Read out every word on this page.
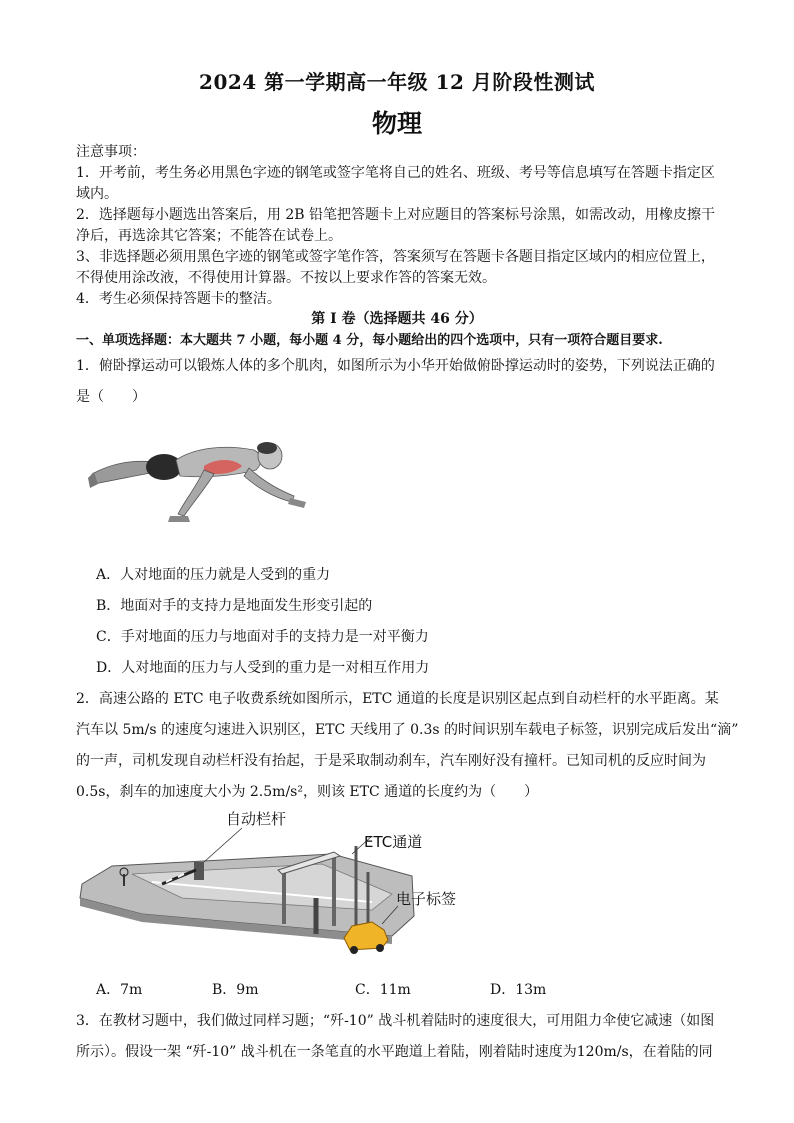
2024 第一学期高一年级 12 月阶段性测试
物理
注意事项：
1．开考前，考生务必用黑色字迹的钢笔或签字笔将自己的姓名、班级、考号等信息填写在答题卡指定区
域内。
2．选择题每小题选出答案后，用 2B 铅笔把答题卡上对应题目的答案标号涂黑，如需改动，用橡皮擦干
净后，再选涂其它答案；不能答在试卷上。
3、非选择题必须用黑色字迹的钢笔或签字笔作答，答案须写在答题卡各题目指定区域内的相应位置上，
不得使用涂改液，不得使用计算器。不按以上要求作答的答案无效。
4．考生必须保持答题卡的整洁。
第 I 卷（选择题共 46 分）
一、单项选择题：本大题共 7 小题，每小题 4 分，每小题给出的四个选项中，只有一项符合题目要求.
1．俯卧撑运动可以锻炼人体的多个肌肉，如图所示为小华开始做俯卧撑运动时的姿势，下列说法正确的
是（　　）
A．人对地面的压力就是人受到的重力
B．地面对手的支持力是地面发生形变引起的
C．手对地面的压力与地面对手的支持力是一对平衡力
D．人对地面的压力与人受到的重力是一对相互作用力
2．高速公路的 ETC 电子收费系统如图所示，ETC 通道的长度是识别区起点到自动栏杆的水平距离。某
汽车以 5m/s 的速度匀速进入识别区，ETC 天线用了 0.3s 的时间识别车载电子标签，识别完成后发出“滴”
的一声，司机发现自动栏杆没有抬起，于是采取制动刹车，汽车刚好没有撞杆。已知司机的反应时间为
0.5s，刹车的加速度大小为 2.5m/s²，则该 ETC 通道的长度约为（　　）
自动栏杆
ETC通道
电子标签
A．7m	B．9m	C．11m	D．13m
3．在教材习题中，我们做过同样习题；“歼-10” 战斗机着陆时的速度很大，可用阻力伞使它减速（如图
所示）。假设一架 “歼-10” 战斗机在一条笔直的水平跑道上着陆，刚着陆时速度为120m/s，在着陆的同
